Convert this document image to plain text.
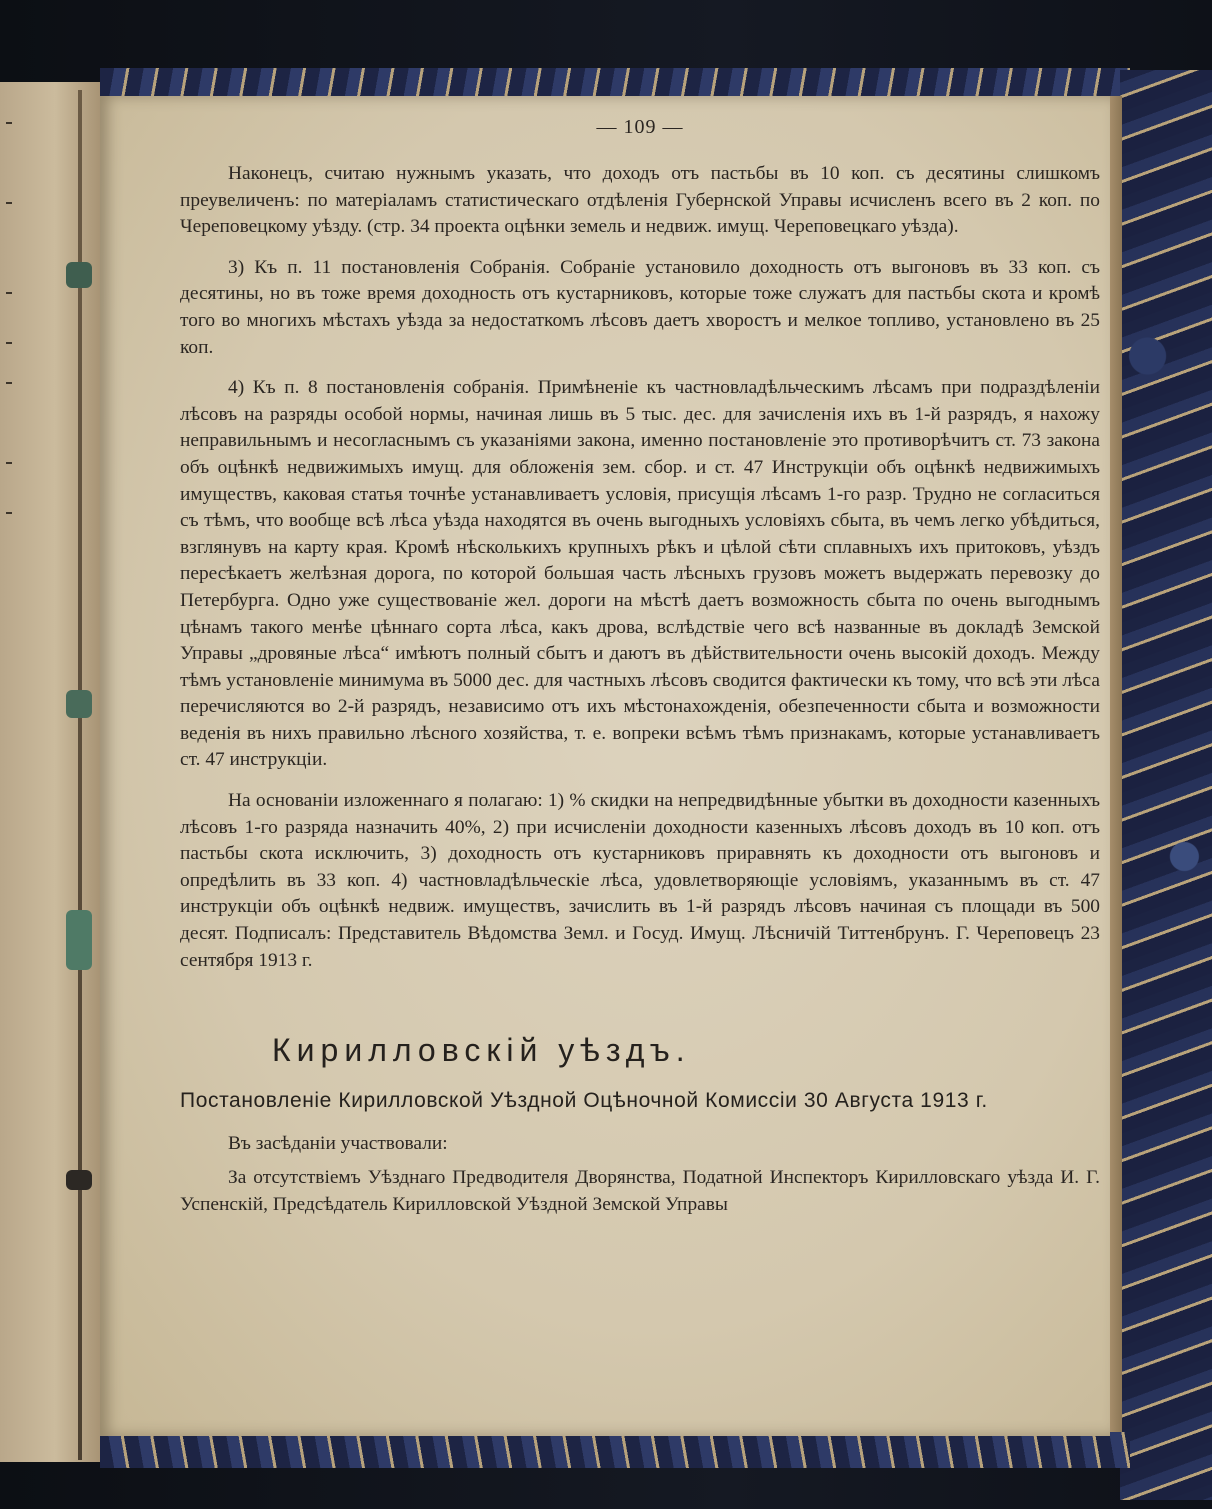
— 109 —

Наконецъ, считаю нужнымъ указать, что доходъ отъ пастьбы въ 10 коп. съ десятины слишкомъ преувеличенъ: по матеріаламъ статистическаго отдѣленія Губернской Управы исчисленъ всего въ 2 коп. по Череповецкому уѣзду. (стр. 34 проекта оцѣнки земель и недвиж. имущ. Череповецкаго уѣзда).

3) Къ п. 11 постановленія Собранія. Собраніе установило доходность отъ выгоновъ въ 33 коп. съ десятины, но въ тоже время доходность отъ кустарниковъ, которые тоже служатъ для пастьбы скота и кромѣ того во многихъ мѣстахъ уѣзда за недостаткомъ лѣсовъ даетъ хворостъ и мелкое топливо, установлено въ 25 коп.

4) Къ п. 8 постановленія собранія. Примѣненіе къ частновладѣльческимъ лѣсамъ при подраздѣленіи лѣсовъ на разряды особой нормы, начиная лишь въ 5 тыс. дес. для зачисленія ихъ въ 1-й разрядъ, я нахожу неправильнымъ и несогласнымъ съ указаніями закона, именно постановленіе это противорѣчитъ ст. 73 закона объ оцѣнкѣ недвижимыхъ имущ. для обложенія зем. сбор. и ст. 47 Инструкціи объ оцѣнкѣ недвижимыхъ имуществъ, каковая статья точнѣе устанавливаетъ условія, присущія лѣсамъ 1-го разр. Трудно не согласиться съ тѣмъ, что вообще всѣ лѣса уѣзда находятся въ очень выгодныхъ условіяхъ сбыта, въ чемъ легко убѣдиться, взглянувъ на карту края. Кромѣ нѣсколькихъ крупныхъ рѣкъ и цѣлой сѣти сплавныхъ ихъ притоковъ, уѣздъ пересѣкаетъ желѣзная дорога, по которой большая часть лѣсныхъ грузовъ можетъ выдержать перевозку до Петербурга. Одно уже существованіе жел. дороги на мѣстѣ даетъ возможность сбыта по очень выгоднымъ цѣнамъ такого менѣе цѣннаго сорта лѣса, какъ дрова, вслѣдствіе чего всѣ названные въ докладѣ Земской Управы „дровяные лѣса“ имѣютъ полный сбытъ и даютъ въ дѣйствительности очень высокій доходъ. Между тѣмъ установленіе минимума въ 5000 дес. для частныхъ лѣсовъ сводится фактически къ тому, что всѣ эти лѣса перечисляются во 2-й разрядъ, независимо отъ ихъ мѣстонахожденія, обезпеченности сбыта и возможности веденія въ нихъ правильно лѣсного хозяйства, т. е. вопреки всѣмъ тѣмъ признакамъ, которые устанавливаетъ ст. 47 инструкціи.

На основаніи изложеннаго я полагаю: 1) % скидки на непредвидѣнные убытки въ доходности казенныхъ лѣсовъ 1-го разряда назначить 40%, 2) при исчисленіи доходности казенныхъ лѣсовъ доходъ въ 10 коп. отъ пастьбы скота исключить, 3) доходность отъ кустарниковъ приравнять къ доходности отъ выгоновъ и опредѣлить въ 33 коп. 4) частновладѣльческіе лѣса, удовлетворяющіе условіямъ, указаннымъ въ ст. 47 инструкціи объ оцѣнкѣ недвиж. имуществъ, зачислить въ 1-й разрядъ лѣсовъ начиная съ площади въ 500 десят. Подписалъ: Представитель Вѣдомства Земл. и Госуд. Имущ. Лѣсничій Титтенбрунъ. Г. Череповецъ 23 сентября 1913 г.

Кирилловскій уѣздъ.
Постановленіе Кирилловской Уѣздной Оцѣночной Комиссіи 30 Августа 1913 г.
Въ засѣданіи участвовали:

За отсутствіемъ Уѣзднаго Предводителя Дворянства, Податной Инспекторъ Кирилловскаго уѣзда И. Г. Успенскій, Предсѣдатель Кирилловской Уѣздной Земской Управы
